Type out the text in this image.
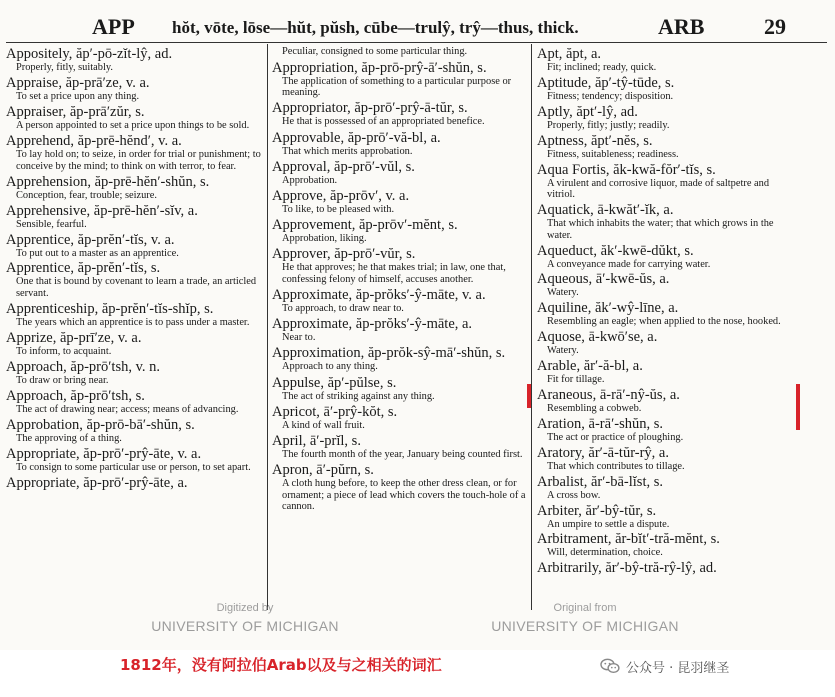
APP hŏt, vōte, lōse—hŭt, pŭsh, cūbe—trulŷ, trŷ—thus, thick.	ARB	29
Appositely, ăp′-pō-zĭt-lŷ, ad.
Properly, fitly, suitably.
Appraise, ăp-prā′ze, v. a.
To set a price upon any thing.
Appraiser, ăp-prā′zŭr, s.
A person appointed to set a price upon things to be sold.
Apprehend, ăp-prē-hĕnd′, v. a.
To lay hold on; to seize, in order for trial or punishment; to conceive by the mind; to think on with terror, to fear.
Apprehension, ăp-prē-hĕn′-shŭn, s.
Conception, fear, trouble; seizure.
Apprehensive, ăp-prē-hĕn′-sĭv, a.
Sensible, fearful.
Apprentice, ăp-prĕn′-tĭs, v. a.
To put out to a master as an apprentice.
Apprentice, ăp-prĕn′-tĭs, s.
One that is bound by covenant to learn a trade, an articled servant.
Apprenticeship, ăp-prĕn′-tĭs-shĭp, s.
The years which an apprentice is to pass under a master.
Apprize, ăp-prī′ze, v. a.
To inform, to acquaint.
Approach, ăp-prō′tsh, v. n.
To draw or bring near.
Approach, ăp-prō′tsh, s.
The act of drawing near; access; means of advancing.
Approbation, ăp-prō-bā′-shŭn, s.
The approving of a thing.
Appropriate, ăp-prō′-prŷ-āte, v. a.
To consign to some particular use or person, to set apart.
Appropriate, ăp-prō′-prŷ-āte, a.
Peculiar, consigned to some particular thing.
Appropriation, ăp-prō-prŷ-ā′-shŭn, s.
The application of something to a particular purpose or meaning.
Appropriator, ăp-prō′-prŷ-ā-tŭr, s.
He that is possessed of an appropriated benefice.
Approvable, ăp-prō′-vă-bl, a.
That which merits approbation.
Approval, ăp-prō′-vŭl, s.
Approbation.
Approve, ăp-prōv′, v. a.
To like, to be pleased with.
Approvement, ăp-prōv′-mĕnt, s.
Approbation, liking.
Approver, ăp-prō′-vŭr, s.
He that approves; he that makes trial; in law, one that, confessing felony of himself, accuses another.
Approximate, ăp-prŏks′-ŷ-māte, v. a.
To approach, to draw near to.
Approximate, ăp-prŏks′-ŷ-māte, a.
Near to.
Approximation, ăp-prŏk-sŷ-mā′-shŭn, s.
Approach to any thing.
Appulse, ăp′-pŭlse, s.
The act of striking against any thing.
Apricot, ā′-prŷ-kŏt, s.
A kind of wall fruit.
April, ā′-prĭl, s.
The fourth month of the year, January being counted first.
Apron, ā′-pŭrn, s.
A cloth hung before, to keep the other dress clean, or for ornament; a piece of lead which covers the touch-hole of a cannon.
Apt, ăpt, a.
Fit; inclined; ready, quick.
Aptitude, ăp′-tŷ-tūde, s.
Fitness; tendency; disposition.
Aptly, ăpt′-lŷ, ad.
Properly, fitly; justly; readily.
Aptness, ăpt′-nĕs, s.
Fitness, suitableness; readiness.
Aqua Fortis, ăk-kwă-fŏr′-tĭs, s.
A virulent and corrosive liquor, made of saltpetre and vitriol.
Aquatick, ā-kwăt′-ĭk, a.
That which inhabits the water; that which grows in the water.
Aqueduct, ăk′-kwē-dŭkt, s.
A conveyance made for carrying water.
Aqueous, ā′-kwē-ŭs, a.
Watery.
Aquiline, ăk′-wŷ-līne, a.
Resembling an eagle; when applied to the nose, hooked.
Aquose, ā-kwō′se, a.
Watery.
Arable, ăr′-ă-bl, a.
Fit for tillage.
Araneous, ā-rā′-nŷ-ŭs, a.
Resembling a cobweb.
Aration, ā-rā′-shŭn, s.
The act or practice of ploughing.
Aratory, ăr′-ā-tŭr-rŷ, a.
That which contributes to tillage.
Arbalist, ăr′-bā-lĭst, s.
A cross bow.
Arbiter, ăr′-bŷ-tŭr, s.
An umpire to settle a dispute.
Arbitrament, ăr-bĭt′-tră-mĕnt, s.
Will, determination, choice.
Arbitrarily, ăr′-bŷ-tră-rŷ-lŷ, ad.
Digitized by
UNIVERSITY OF MICHIGAN
Original from
UNIVERSITY OF MICHIGAN
1812年，没有阿拉伯Arab以及与之相关的词汇	公众号 · 昆羽继圣
